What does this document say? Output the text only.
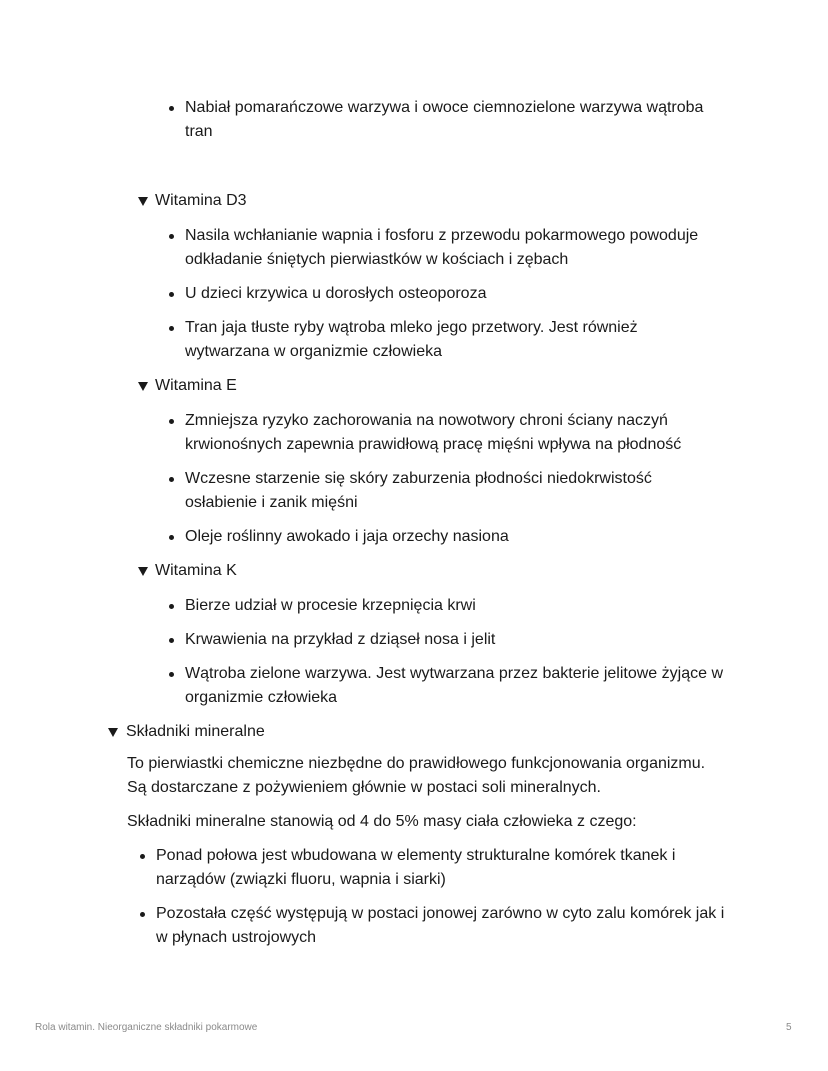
Nabiał pomarańczowe warzywa i owoce ciemnozielone warzywa wątroba tran
Witamina D3
Nasila wchłanianie wapnia i fosforu z przewodu pokarmowego powoduje odkładanie śniętych pierwiastków w kościach i zębach
U dzieci krzywica u dorosłych osteoporoza
Tran jaja tłuste ryby wątroba mleko jego przetwory. Jest również wytwarzana w organizmie człowieka
Witamina E
Zmniejsza ryzyko zachorowania na nowotwory chroni ściany naczyń krwionośnych zapewnia prawidłową pracę mięśni wpływa na płodność
Wczesne starzenie się skóry zaburzenia płodności niedokrwistość osłabienie i zanik mięśni
Oleje roślinny awokado i jaja orzechy nasiona
Witamina K
Bierze udział w procesie krzepnięcia krwi
Krwawienia na przykład z dziąseł nosa i jelit
Wątroba zielone warzywa. Jest wytwarzana przez bakterie jelitowe żyjące w organizmie człowieka
Składniki mineralne
To pierwiastki chemiczne niezbędne do prawidłowego funkcjonowania organizmu. Są dostarczane z pożywieniem głównie w postaci soli mineralnych.
Składniki mineralne stanowią od 4 do 5% masy ciała człowieka z czego:
Ponad połowa jest wbudowana w elementy strukturalne komórek tkanek i narządów (związki fluoru, wapnia i siarki)
Pozostała część występują w postaci jonowej zarówno w cyto zalu komórek jak i w płynach ustrojowych
Rola witamin. Nieorganiczne składniki pokarmowe	5
